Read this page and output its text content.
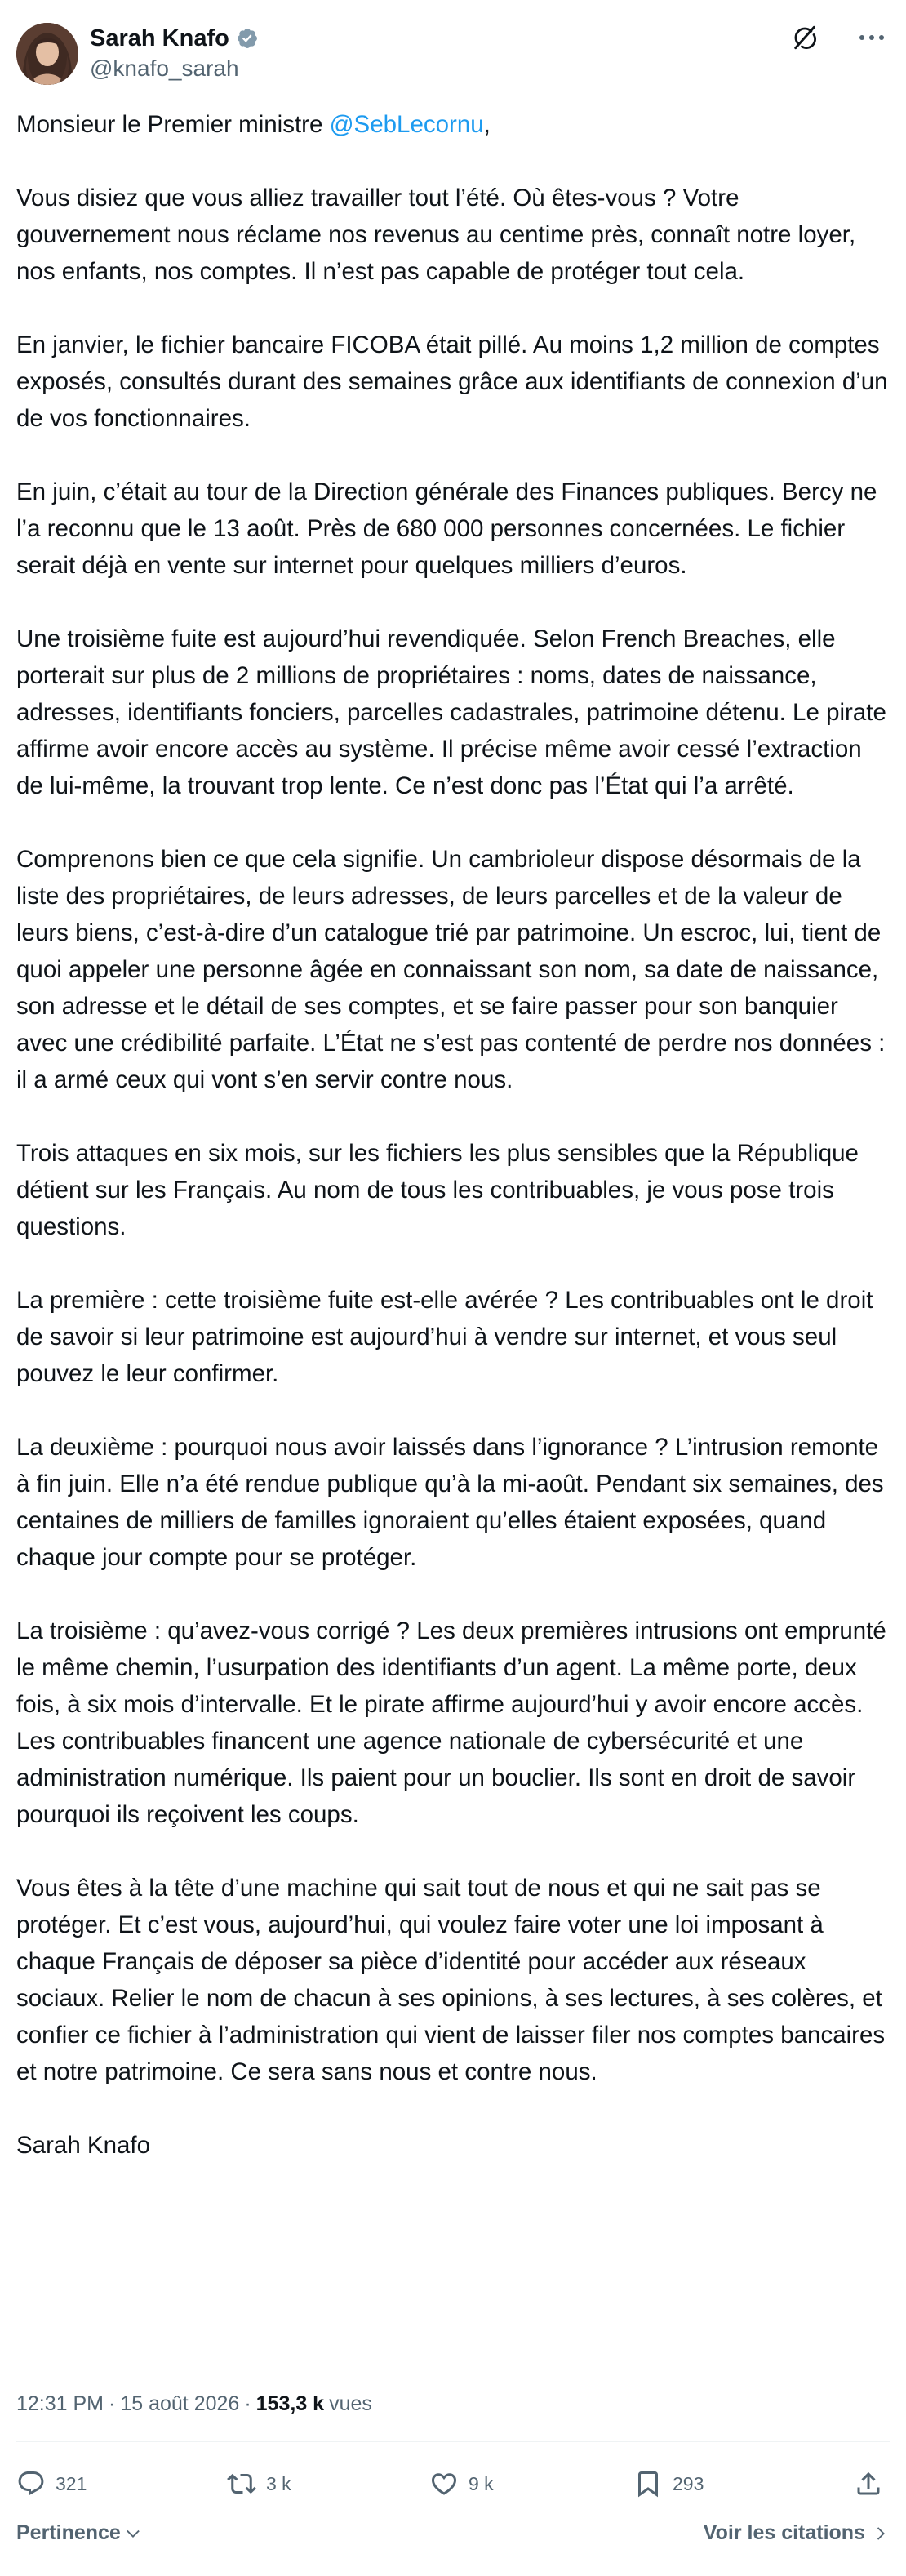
Sarah Knafo
@knafo_sarah

Monsieur le Premier ministre @SebLecornu,

Vous disiez que vous alliez travailler tout l’été. Où êtes-vous ? Votre gouvernement nous réclame nos revenus au centime près, connaît notre loyer, nos enfants, nos comptes. Il n’est pas capable de protéger tout cela.

En janvier, le fichier bancaire FICOBA était pillé. Au moins 1,2 million de comptes exposés, consultés durant des semaines grâce aux identifiants de connexion d’un de vos fonctionnaires.

En juin, c’était au tour de la Direction générale des Finances publiques. Bercy ne l’a reconnu que le 13 août. Près de 680 000 personnes concernées. Le fichier serait déjà en vente sur internet pour quelques milliers d’euros.

Une troisième fuite est aujourd’hui revendiquée. Selon French Breaches, elle porterait sur plus de 2 millions de propriétaires : noms, dates de naissance, adresses, identifiants fonciers, parcelles cadastrales, patrimoine détenu. Le pirate affirme avoir encore accès au système. Il précise même avoir cessé l’extraction de lui-même, la trouvant trop lente. Ce n’est donc pas l’État qui l’a arrêté.

Comprenons bien ce que cela signifie. Un cambrioleur dispose désormais de la liste des propriétaires, de leurs adresses, de leurs parcelles et de la valeur de leurs biens, c’est-à-dire d’un catalogue trié par patrimoine. Un escroc, lui, tient de quoi appeler une personne âgée en connaissant son nom, sa date de naissance, son adresse et le détail de ses comptes, et se faire passer pour son banquier avec une crédibilité parfaite. L’État ne s’est pas contenté de perdre nos données : il a armé ceux qui vont s’en servir contre nous.

Trois attaques en six mois, sur les fichiers les plus sensibles que la République détient sur les Français. Au nom de tous les contribuables, je vous pose trois questions.

La première : cette troisième fuite est-elle avérée ? Les contribuables ont le droit de savoir si leur patrimoine est aujourd’hui à vendre sur internet, et vous seul pouvez le leur confirmer.

La deuxième : pourquoi nous avoir laissés dans l’ignorance ? L’intrusion remonte à fin juin. Elle n’a été rendue publique qu’à la mi-août. Pendant six semaines, des centaines de milliers de familles ignoraient qu’elles étaient exposées, quand chaque jour compte pour se protéger.

La troisième : qu’avez-vous corrigé ? Les deux premières intrusions ont emprunté le même chemin, l’usurpation des identifiants d’un agent. La même porte, deux fois, à six mois d’intervalle. Et le pirate affirme aujourd’hui y avoir encore accès. Les contribuables financent une agence nationale de cybersécurité et une administration numérique. Ils paient pour un bouclier. Ils sont en droit de savoir pourquoi ils reçoivent les coups.

Vous êtes à la tête d’une machine qui sait tout de nous et qui ne sait pas se protéger. Et c’est vous, aujourd’hui, qui voulez faire voter une loi imposant à chaque Français de déposer sa pièce d’identité pour accéder aux réseaux sociaux. Relier le nom de chacun à ses opinions, à ses lectures, à ses colères, et confier ce fichier à l’administration qui vient de laisser filer nos comptes bancaires et notre patrimoine. Ce sera sans nous et contre nous.

Sarah Knafo

12:31 PM · 15 août 2026 · 153,3 k vues
321	3 k	9 k	293
Pertinence	Voir les citations
